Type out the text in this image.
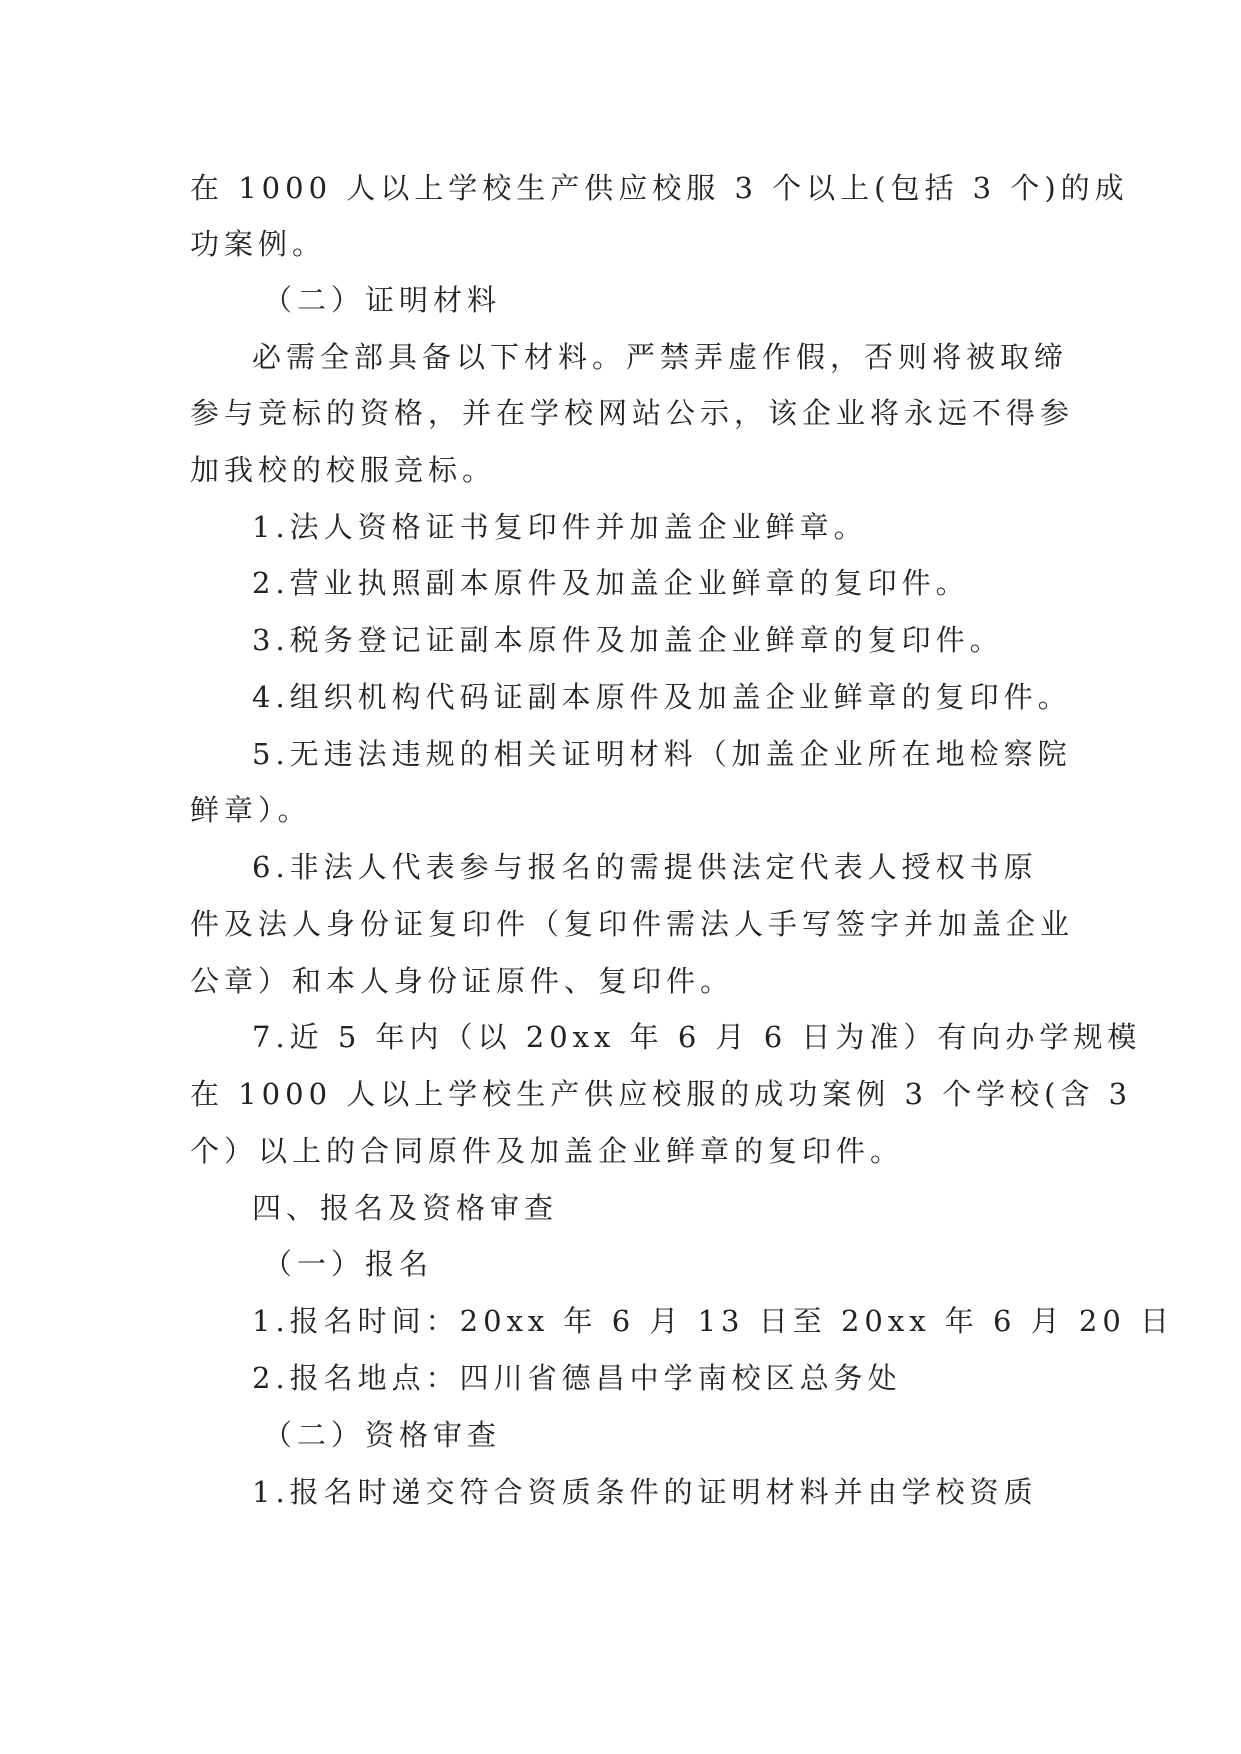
在 1000 人以上学校生产供应校服 3 个以上(包括 3 个)的成
功案例。
（二）证明材料
必需全部具备以下材料。严禁弄虚作假，否则将被取缔
参与竞标的资格，并在学校网站公示，该企业将永远不得参
加我校的校服竞标。
1.法人资格证书复印件并加盖企业鲜章。
2.营业执照副本原件及加盖企业鲜章的复印件。
3.税务登记证副本原件及加盖企业鲜章的复印件。
4.组织机构代码证副本原件及加盖企业鲜章的复印件。
5.无违法违规的相关证明材料（加盖企业所在地检察院
鲜章）。
6.非法人代表参与报名的需提供法定代表人授权书原
件及法人身份证复印件（复印件需法人手写签字并加盖企业
公章）和本人身份证原件、复印件。
7.近 5 年内（以 20xx 年 6 月 6 日为准）有向办学规模
在 1000 人以上学校生产供应校服的成功案例 3 个学校(含 3
个）以上的合同原件及加盖企业鲜章的复印件。
四、报名及资格审查
（一）报名
1.报名时间：20xx 年 6 月 13 日至 20xx 年 6 月 20 日
2.报名地点：四川省德昌中学南校区总务处
（二）资格审查
1.报名时递交符合资质条件的证明材料并由学校资质
